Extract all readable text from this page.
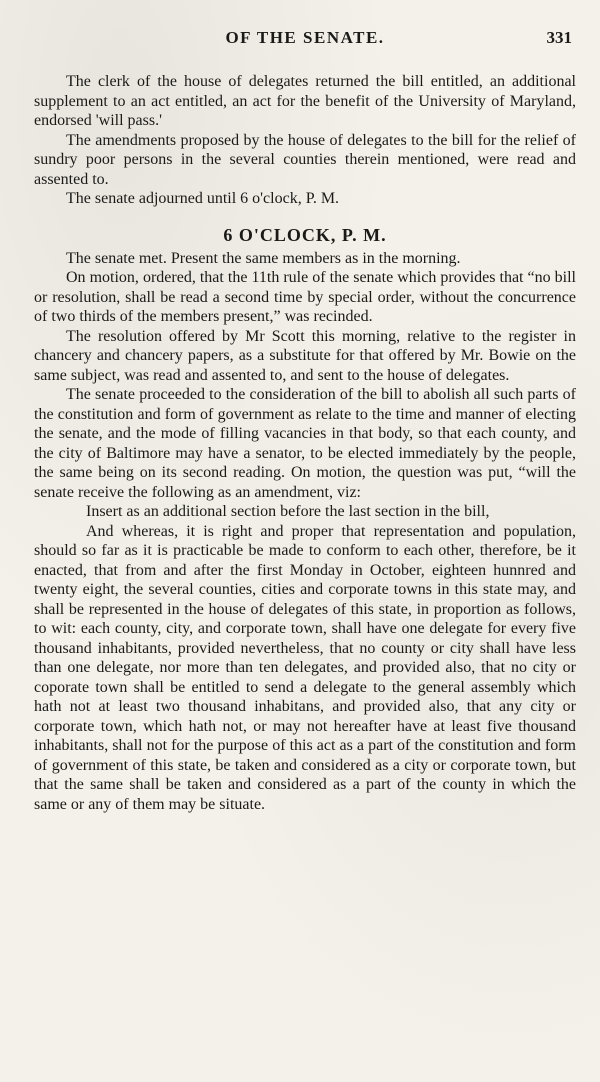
OF THE SENATE.	331

The clerk of the house of delegates returned the bill entitled, an additional supplement to an act entitled, an act for the benefit of the University of Maryland, endorsed 'will pass.'

The amendments proposed by the house of delegates to the bill for the relief of sundry poor persons in the several counties therein mentioned, were read and assented to.

The senate adjourned until 6 o'clock, P. M.

6 O'CLOCK, P. M.

The senate met. Present the same members as in the morning.

On motion, ordered, that the 11th rule of the senate which provides that “no bill or resolution, shall be read a second time by special order, without the concurrence of two thirds of the members present,” was recinded.

The resolution offered by Mr Scott this morning, relative to the register in chancery and chancery papers, as a substitute for that offered by Mr. Bowie on the same subject, was read and assented to, and sent to the house of delegates.

The senate proceeded to the consideration of the bill to abolish all such parts of the constitution and form of government as relate to the time and manner of electing the senate, and the mode of filling vacancies in that body, so that each county, and the city of Baltimore may have a senator, to be elected immediately by the people, the same being on its second reading. On motion, the question was put, “will the senate receive the following as an amendment, viz:

Insert as an additional section before the last section in the bill,

And whereas, it is right and proper that representation and population, should so far as it is practicable be made to conform to each other, therefore, be it enacted, that from and after the first Monday in October, eighteen hunnred and twenty eight, the several counties, cities and corporate towns in this state may, and shall be represented in the house of delegates of this state, in proportion as follows, to wit: each county, city, and corporate town, shall have one delegate for every five thousand inhabitants, provided nevertheless, that no county or city shall have less than one delegate, nor more than ten delegates, and provided also, that no city or coporate town shall be entitled to send a delegate to the general assembly which hath not at least two thousand inhabitans, and provided also, that any city or corporate town, which hath not, or may not hereafter have at least five thousand inhabitants, shall not for the purpose of this act as a part of the constitution and form of government of this state, be taken and considered as a city or corporate town, but that the same shall be taken and considered as a part of the county in which the same or any of them may be situate.
